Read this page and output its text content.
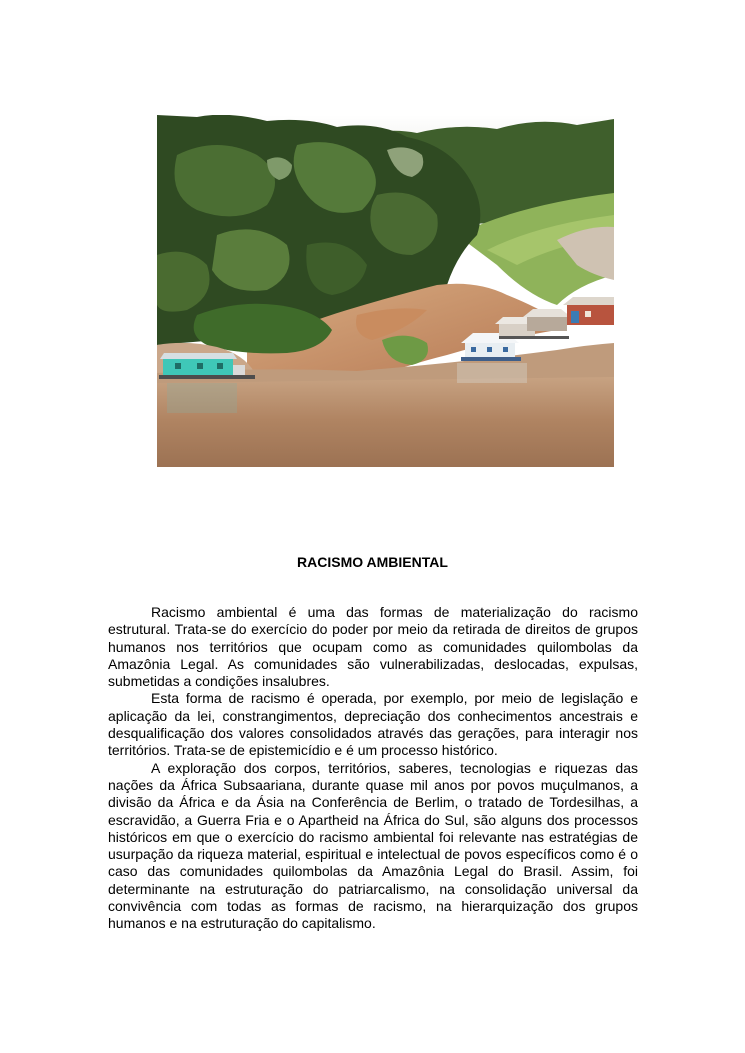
RACISMO AMBIENTAL

Racismo ambiental é uma das formas de materialização do racismo estrutural. Trata-se do exercício do poder por meio da retirada de direitos de grupos humanos nos territórios que ocupam como as comunidades quilombolas da Amazônia Legal. As comunidades são vulnerabilizadas, deslocadas, expulsas, submetidas a condições insalubres.

Esta forma de racismo é operada, por exemplo, por meio de legislação e aplicação da lei, constrangimentos, depreciação dos conhecimentos ancestrais e desqualificação dos valores consolidados através das gerações, para interagir nos territórios. Trata-se de epistemicídio e é um processo histórico.

A exploração dos corpos, territórios, saberes, tecnologias e riquezas das nações da África Subsaariana, durante quase mil anos por povos muçulmanos, a divisão da África e da Ásia na Conferência de Berlim, o tratado de Tordesilhas, a escravidão, a Guerra Fria e o Apartheid na África do Sul, são alguns dos processos históricos em que o exercício do racismo ambiental foi relevante nas estratégias de usurpação da riqueza material, espiritual e intelectual de povos específicos como é o caso das comunidades quilombolas da Amazônia Legal do Brasil. Assim, foi determinante na estruturação do patriarcalismo, na consolidação universal da convivência com todas as formas de racismo, na hierarquização dos grupos humanos e na estruturação do capitalismo.
